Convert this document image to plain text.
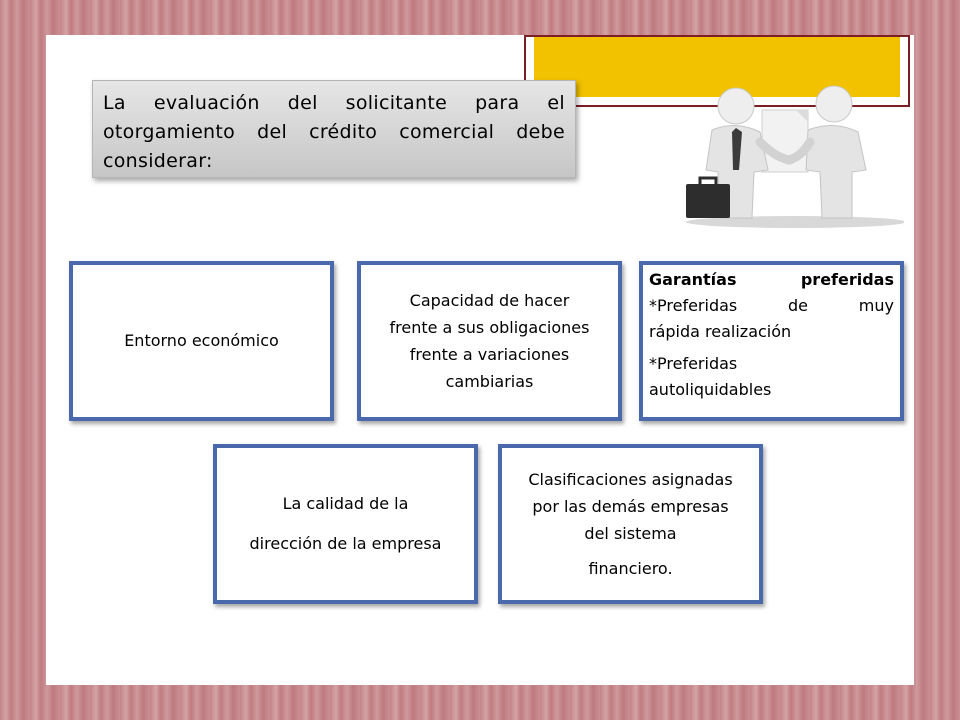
La evaluación del solicitante para el otorgamiento del crédito comercial debe considerar:
Entorno económico
Capacidad de hacer
frente a sus obligaciones
frente a variaciones
cambiarias
Garantías preferidas
*Preferidas de muy
rápida realización
*Preferidas
autoliquidables
La calidad de la
dirección de la empresa
Clasificaciones asignadas
por las demás empresas
del sistema
financiero.
